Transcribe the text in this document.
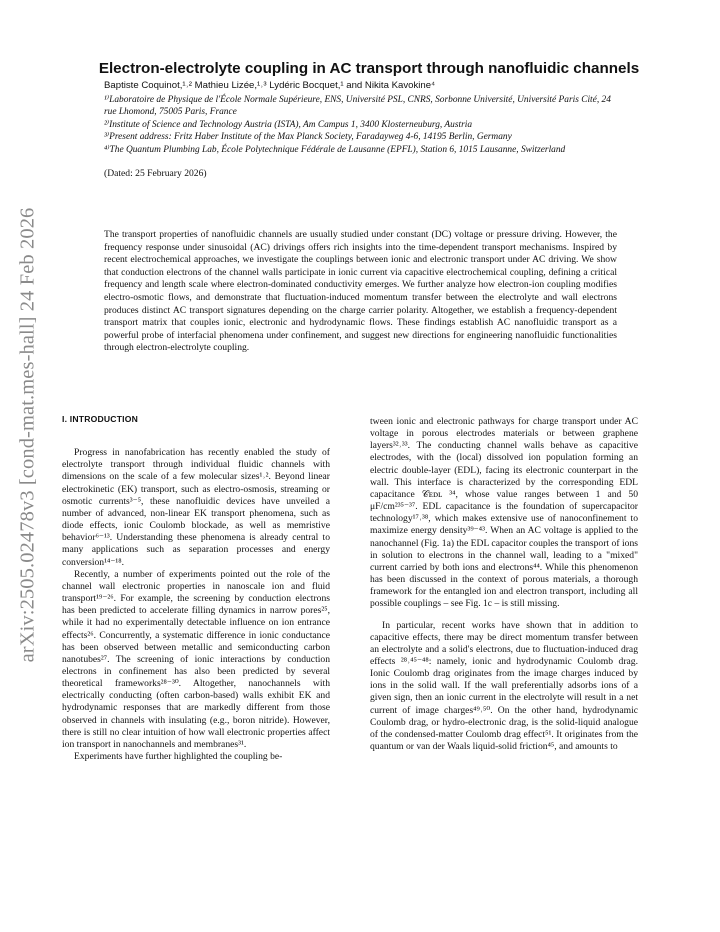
arXiv:2505.02478v3 [cond-mat.mes-hall] 24 Feb 2026
Electron-electrolyte coupling in AC transport through nanofluidic channels
Baptiste Coquinot,¹˒² Mathieu Lizée,¹˒³ Lydéric Bocquet,¹ and Nikita Kavokine⁴
¹⁾Laboratoire de Physique de l'École Normale Supérieure, ENS, Université PSL, CNRS, Sorbonne Université, Université Paris Cité, 24 rue Lhomond, 75005 Paris, France
²⁾Institute of Science and Technology Austria (ISTA), Am Campus 1, 3400 Klosterneuburg, Austria
³⁾Present address: Fritz Haber Institute of the Max Planck Society, Faradayweg 4-6, 14195 Berlin, Germany
⁴⁾The Quantum Plumbing Lab, École Polytechnique Fédérale de Lausanne (EPFL), Station 6, 1015 Lausanne, Switzerland
(Dated: 25 February 2026)

The transport properties of nanofluidic channels are usually studied under constant (DC) voltage or pressure driving. However, the frequency response under sinusoidal (AC) drivings offers rich insights into the time-dependent transport mechanisms. Inspired by recent electrochemical approaches, we investigate the couplings between ionic and electronic transport under AC driving. We show that conduction electrons of the channel walls participate in ionic current via capacitive electrochemical coupling, defining a critical frequency and length scale where electron-dominated conductivity emerges. We further analyze how electron-ion coupling modifies electro-osmotic flows, and demonstrate that fluctuation-induced momentum transfer between the electrolyte and wall electrons produces distinct AC transport signatures depending on the charge carrier polarity. Altogether, we establish a frequency-dependent transport matrix that couples ionic, electronic and hydrodynamic flows. These findings establish AC nanofluidic transport as a powerful probe of interfacial phenomena under confinement, and suggest new directions for engineering nanofluidic functionalities through electron-electrolyte coupling.

I. INTRODUCTION

Progress in nanofabrication has recently enabled the study of electrolyte transport through individual fluidic channels with dimensions on the scale of a few molecular sizes¹˒². Beyond linear electrokinetic (EK) transport, such as electro-osmosis, streaming or osmotic currents³⁻⁵, these nanofluidic devices have unveiled a number of advanced, non-linear EK transport phenomena, such as diode effects, ionic Coulomb blockade, as well as memristive behavior⁶⁻¹³. Understanding these phenomena is already central to many applications such as separation processes and energy conversion¹⁴⁻¹⁸.

Recently, a number of experiments pointed out the role of the channel wall electronic properties in nanoscale ion and fluid transport¹⁹⁻²⁶. For example, the screening by conduction electrons has been predicted to accelerate filling dynamics in narrow pores²⁵, while it had no experimentally detectable influence on ion entrance effects²⁶. Concurrently, a systematic difference in ionic conductance has been observed between metallic and semiconducting carbon nanotubes²⁷. The screening of ionic interactions by conduction electrons in confinement has also been predicted by several theoretical frameworks²⁸⁻³⁰. Altogether, nanochannels with electrically conducting (often carbon-based) walls exhibit EK and hydrodynamic responses that are markedly different from those observed in channels with insulating (e.g., boron nitride). However, there is still no clear intuition of how wall electronic properties affect ion transport in nanochannels and membranes³¹.

Experiments have further highlighted the coupling be-

tween ionic and electronic pathways for charge transport under AC voltage in porous electrodes materials or between graphene layers³²˒³³. The conducting channel walls behave as capacitive electrodes, with the (local) dissolved ion population forming an electric double-layer (EDL), facing its electronic counterpart in the wall. This interface is characterized by the corresponding EDL capacitance 𝒞ᴇᴅʟ ³⁴, whose value ranges between 1 and 50 μF/cm²³⁵⁻³⁷. EDL capacitance is the foundation of supercapacitor technology¹⁷˒³⁸, which makes extensive use of nanoconfinement to maximize energy density³⁹⁻⁴³. When an AC voltage is applied to the nanochannel (Fig. 1a) the EDL capacitor couples the transport of ions in solution to electrons in the channel wall, leading to a "mixed" current carried by both ions and electrons⁴⁴. While this phenomenon has been discussed in the context of porous materials, a thorough framework for the entangled ion and electron transport, including all possible couplings – see Fig. 1c – is still missing.

In particular, recent works have shown that in addition to capacitive effects, there may be direct momentum transfer between an electrolyte and a solid's electrons, due to fluctuation-induced drag effects ²⁸˒⁴⁵⁻⁴⁸: namely, ionic and hydrodynamic Coulomb drag. Ionic Coulomb drag originates from the image charges induced by ions in the solid wall. If the wall preferentially adsorbs ions of a given sign, then an ionic current in the electrolyte will result in a net current of image charges⁴⁹˒⁵⁰. On the other hand, hydrodynamic Coulomb drag, or hydro-electronic drag, is the solid-liquid analogue of the condensed-matter Coulomb drag effect⁵¹. It originates from the quantum or van der Waals liquid-solid friction⁴⁵, and amounts to
